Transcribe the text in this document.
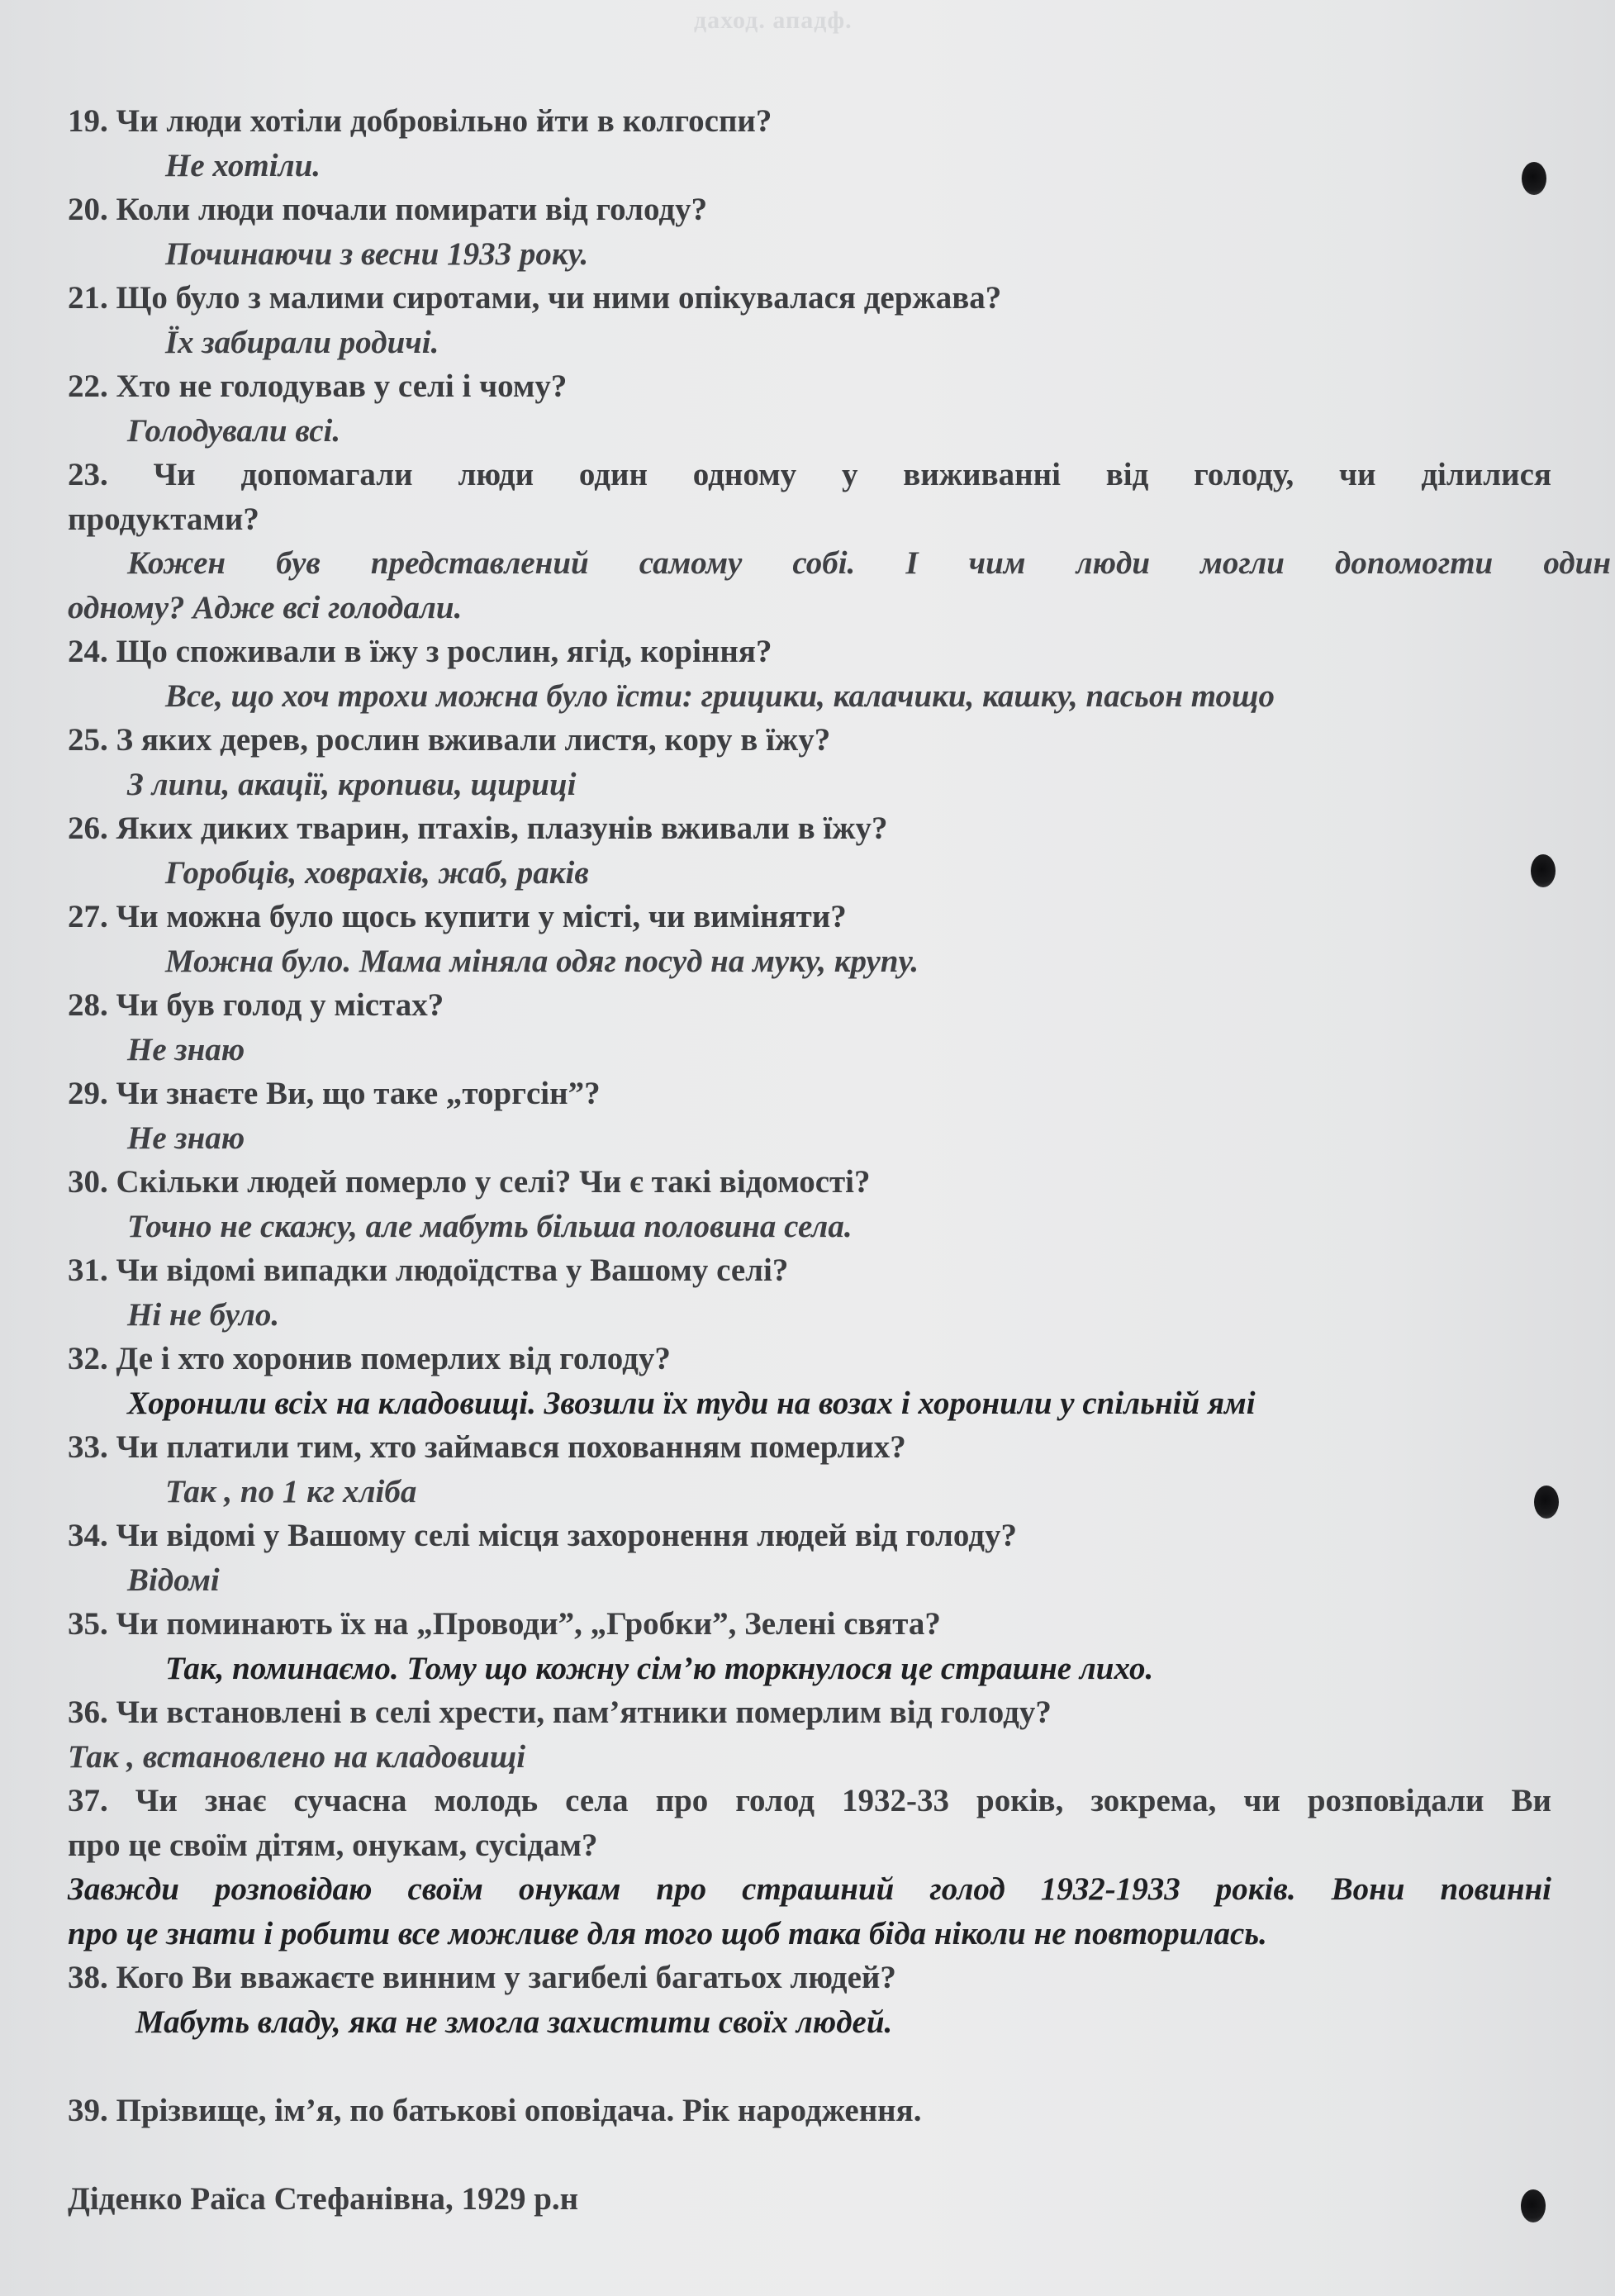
даход. ападф.
19. Чи люди хотіли добровільно йти в колгоспи?
Не хотіли.
20. Коли люди почали помирати від голоду?
Починаючи з весни 1933 року.
21. Що було з малими сиротами, чи ними опікувалася держава?
Їх забирали родичі.
22. Хто не голодував у селі і чому?
Голодували всі.
23. Чи допомагали люди один одному у виживанні від голоду, чи ділилися
продуктами?
Кожен був представлений самому собі. І чим люди могли допомогти один
одному? Адже всі голодали.
24. Що споживали в їжу з рослин, ягід, коріння?
Все, що хоч трохи можна було їсти: грицики, калачики, кашку, пасьон тощо
25. З яких дерев, рослин вживали листя, кору в їжу?
З липи, акації, кропиви, щириці
26. Яких диких тварин, птахів, плазунів вживали в їжу?
Горобців, ховрахів, жаб, раків
27. Чи можна було щось купити у місті, чи виміняти?
Можна було. Мама міняла одяг посуд на муку, крупу.
28. Чи був голод у містах?
Не знаю
29. Чи знаєте Ви, що таке „торгсін”?
Не знаю
30. Скільки людей померло у селі? Чи є такі відомості?
Точно не скажу, але мабуть більша половина села.
31. Чи відомі випадки людоїдства у Вашому селі?
Ні не було.
32. Де і хто хоронив померлих від голоду?
Хоронили всіх на кладовищі. Звозили їх туди на возах і хоронили у спільній ямі
33. Чи платили тим, хто займався похованням померлих?
Так , по 1 кг хліба
34. Чи відомі у Вашому селі місця захоронення людей від голоду?
Відомі
35. Чи поминають їх на „Проводи”, „Гробки”, Зелені свята?
Так, поминаємо. Тому що кожну сім’ю торкнулося це страшне лихо.
36. Чи встановлені в селі хрести, пам’ятники померлим від голоду?
Так , встановлено на кладовищі
37. Чи знає сучасна молодь села про голод 1932-33 років, зокрема, чи розповідали Ви
про це своїм дітям, онукам, сусідам?
Завжди розповідаю своїм онукам про страшний голод 1932-1933 років. Вони повинні
про це знати і робити все можливе для того щоб така біда ніколи не повторилась.
38. Кого Ви вважаєте винним у загибелі багатьох людей?
Мабуть владу, яка не змогла захистити своїх людей.
39. Прізвище, ім’я, по батькові оповідача. Рік народження.
Діденко Раїса Стефанівна, 1929 р.н
